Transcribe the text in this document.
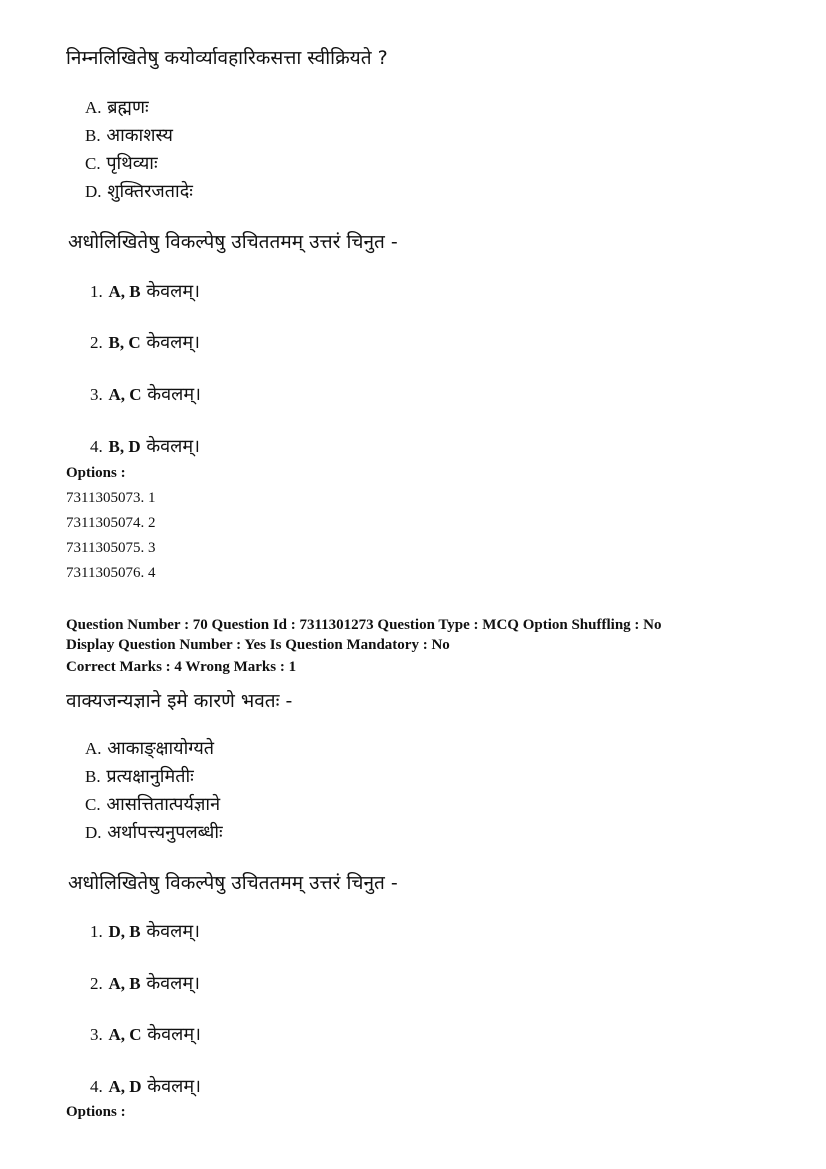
निम्नलिखितेषु कयोर्व्यावहारिकसत्ता स्वीक्रियते ?
A. ब्रह्मणः
B. आकाशस्य
C. पृथिव्याः
D. शुक्तिरजतादेः
अधोलिखितेषु विकल्पेषु उचिततमम् उत्तरं चिनुत -
1. A, B केवलम्।
2. B, C केवलम्।
3. A, C केवलम्।
4. B, D केवलम्।
Options :
7311305073. 1
7311305074. 2
7311305075. 3
7311305076. 4
Question Number : 70 Question Id : 7311301273 Question Type : MCQ Option Shuffling : No
Display Question Number : Yes Is Question Mandatory : No
Correct Marks : 4 Wrong Marks : 1
वाक्यजन्यज्ञाने इमे कारणे भवतः -
A. आकाङ्क्षायोग्यते
B. प्रत्यक्षानुमितीः
C. आसत्तितात्पर्यज्ञाने
D. अर्थापत्त्यनुपलब्धीः
अधोलिखितेषु विकल्पेषु उचिततमम् उत्तरं चिनुत -
1. D, B केवलम्।
2. A, B केवलम्।
3. A, C केवलम्।
4. A, D केवलम्।
Options :
